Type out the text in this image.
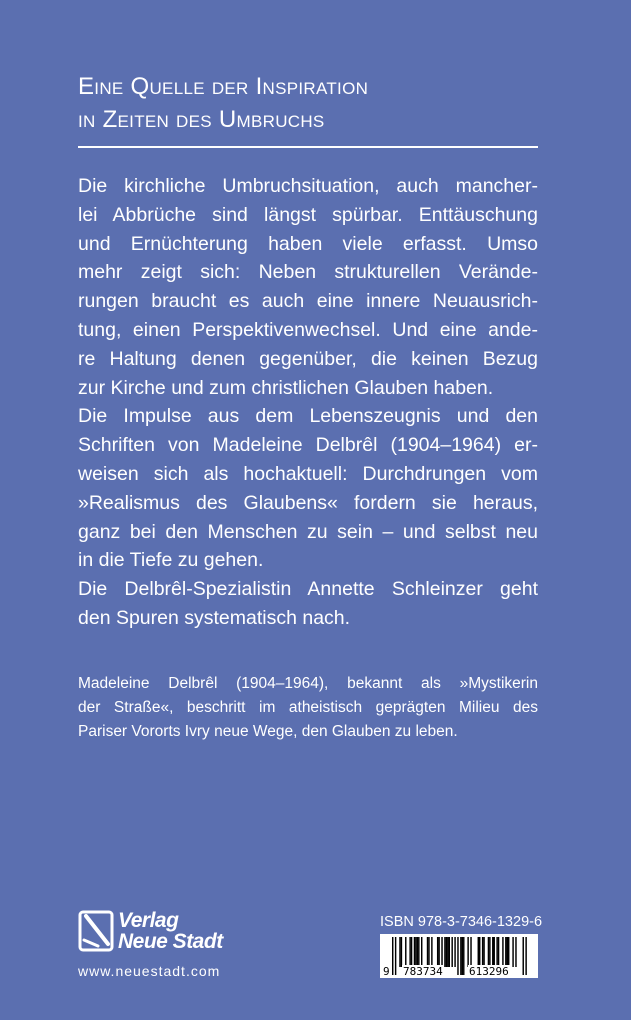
Eine Quelle der Inspiration
in Zeiten des Umbruchs
Die kirchliche Umbruchsituation, auch mancher-
lei Abbrüche sind längst spürbar. Enttäuschung
und Ernüchterung haben viele erfasst. Umso
mehr zeigt sich: Neben strukturellen Verände-
rungen braucht es auch eine innere Neuausrich-
tung, einen Perspektivenwechsel. Und eine ande-
re Haltung denen gegenüber, die keinen Bezug
zur Kirche und zum christlichen Glauben haben.
Die Impulse aus dem Lebenszeugnis und den
Schriften von Madeleine Delbrêl (1904–1964) er-
weisen sich als hochaktuell: Durchdrungen vom
»Realismus des Glaubens« fordern sie heraus,
ganz bei den Menschen zu sein – und selbst neu
in die Tiefe zu gehen.
Die Delbrêl-Spezialistin Annette Schleinzer geht
den Spuren systematisch nach.
Madeleine Delbrêl (1904–1964), bekannt als »Mystikerin
der Straße«, beschritt im atheistisch geprägten Milieu des
Pariser Vororts Ivry neue Wege, den Glauben zu leben.
Verlag
Neue Stadt
www.neuestadt.com
ISBN 978-3-7346-1329-6
9 783734 613296
